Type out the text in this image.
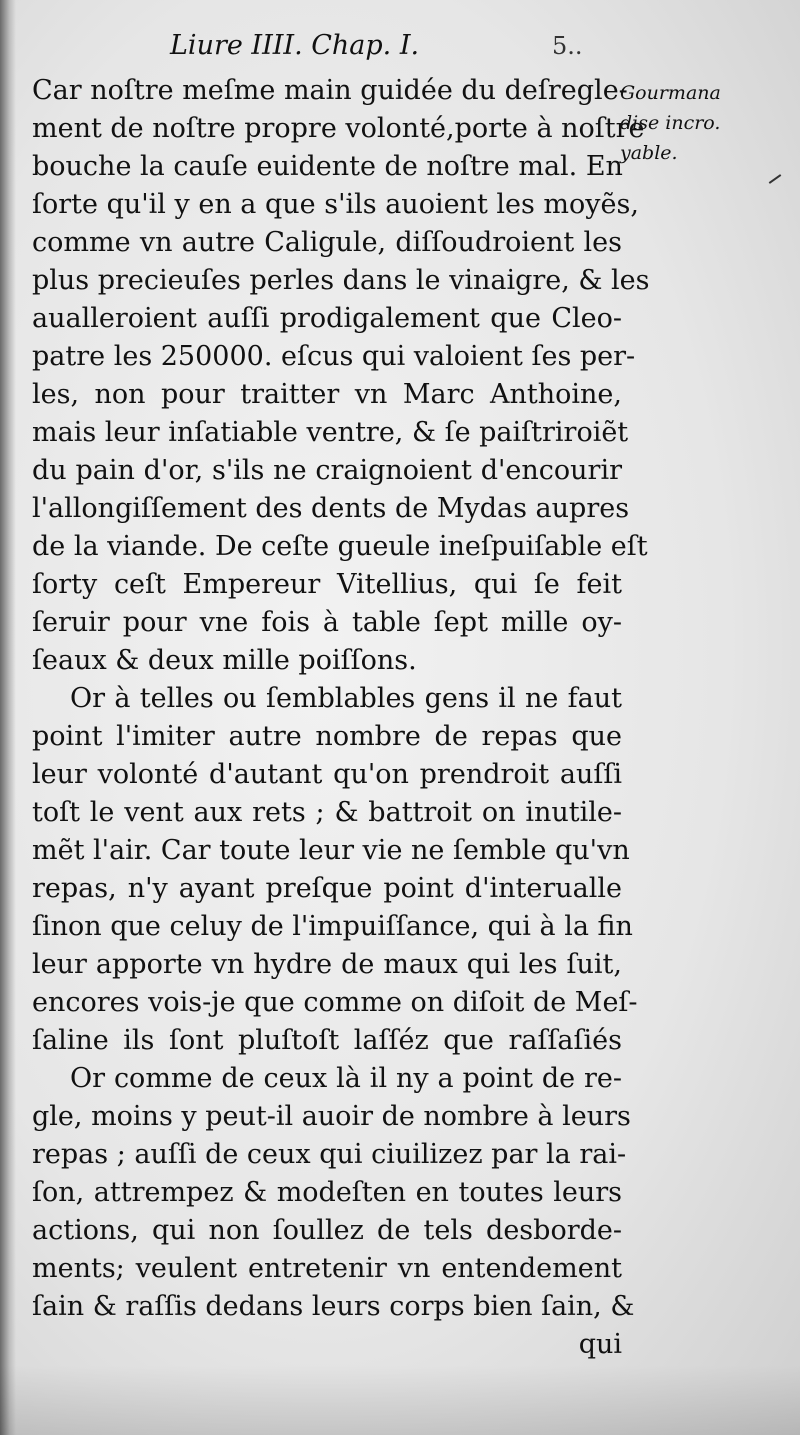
Liure IIII. Chap. I.	5..
Gourmana
dise incro.
yable.
Car noſtre meſme main guidée du deſregle-
ment de noſtre propre volonté,porte à noſtre
bouche la cauſe euidente de noſtre mal. En
ſorte qu'il y en a que s'ils auoient les moyẽs,
comme vn autre Caligule, diſſoudroient les
plus precieuſes perles dans le vinaigre, & les
aualleroient auſſi prodigalement que Cleo-
patre les 250000. eſcus qui valoient ſes per-
les, non pour traitter vn Marc Anthoine,
mais leur inſatiable ventre, & ſe paiſtriroiẽt
du pain d'or, s'ils ne craignoient d'encourir
l'allongiſſement des dents de Mydas aupres
de la viande. De ceſte gueule ineſpuiſable eſt
ſorty ceſt Empereur Vitellius, qui ſe feit
ſeruir pour vne fois à table ſept mille oy-
ſeaux & deux mille poiſſons.
Or à telles ou ſemblables gens il ne faut
point l'imiter autre nombre de repas que
leur volonté d'autant qu'on prendroit auſſi
toſt le vent aux rets ; & battroit on inutile-
mẽt l'air. Car toute leur vie ne ſemble qu'vn
repas, n'y ayant preſque point d'interualle
ſinon que celuy de l'impuiſſance, qui à la fin
leur apporte vn hydre de maux qui les ſuit,
encores vois-je que comme on diſoit de Meſ-
ſaline ils ſont pluſtoſt laſſéz que raſſaſiés
Or comme de ceux là il ny a point de re-
gle, moins y peut-il auoir de nombre à leurs
repas ; auſſi de ceux qui ciuilizez par la rai-
ſon, attrempez & modeſten en toutes leurs
actions, qui non ſoullez de tels desborde-
ments; veulent entretenir vn entendement
ſain & raſſis dedans leurs corps bien ſain, &
qui
